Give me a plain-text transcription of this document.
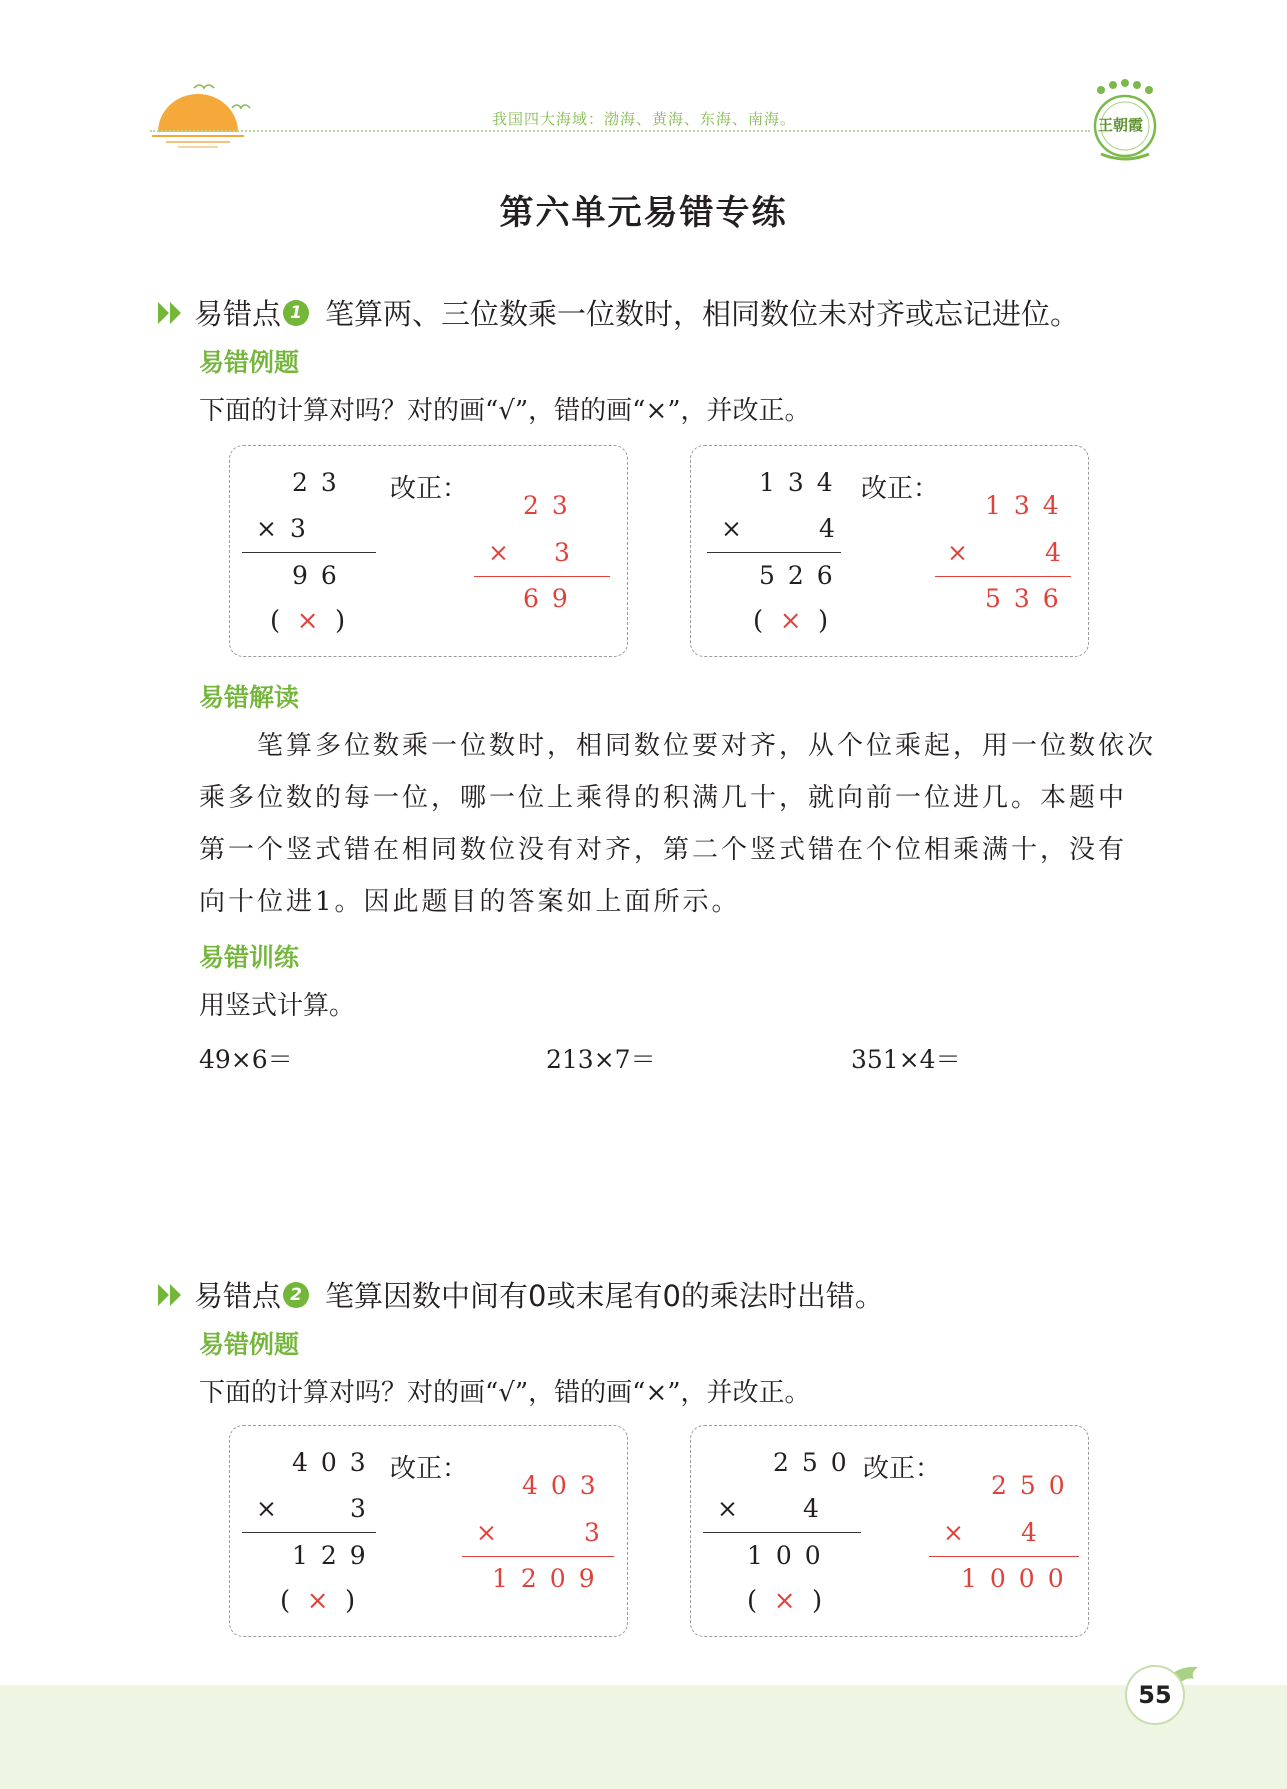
我国四大海域：渤海、黄海、东海、南海。	王朝霞
第六单元易错专练
易错点 1 笔算两、三位数乘一位数时，相同数位未对齐或忘记进位。
易错例题
下面的计算对吗？对的画“√”，错的画“×”，并改正。
23
×3
96
(  ×  )
改正：
23
× 3
69
134
×	4
526
(  ×  )
改正：
134
×	4
536
易错解读

笔算多位数乘一位数时，相同数位要对齐，从个位乘起，用一位数依次

乘多位数的每一位，哪一位上乘得的积满几十，就向前一位进几。本题中

第一个竖式错在相同数位没有对齐，第二个竖式错在个位相乘满十，没有

向十位进1。因此题目的答案如上面所示。

易错训练
用竖式计算。
49×6＝	213×7＝	351×4＝
易错点 2 笔算因数中间有0或末尾有0的乘法时出错。
易错例题
下面的计算对吗？对的画“√”，错的画“×”，并改正。
403
× 3
129
(  ×  )
改正：
403
×	3
1209
250
× 4
100
(  ×  )
改正：
250
× 4
1000
55
